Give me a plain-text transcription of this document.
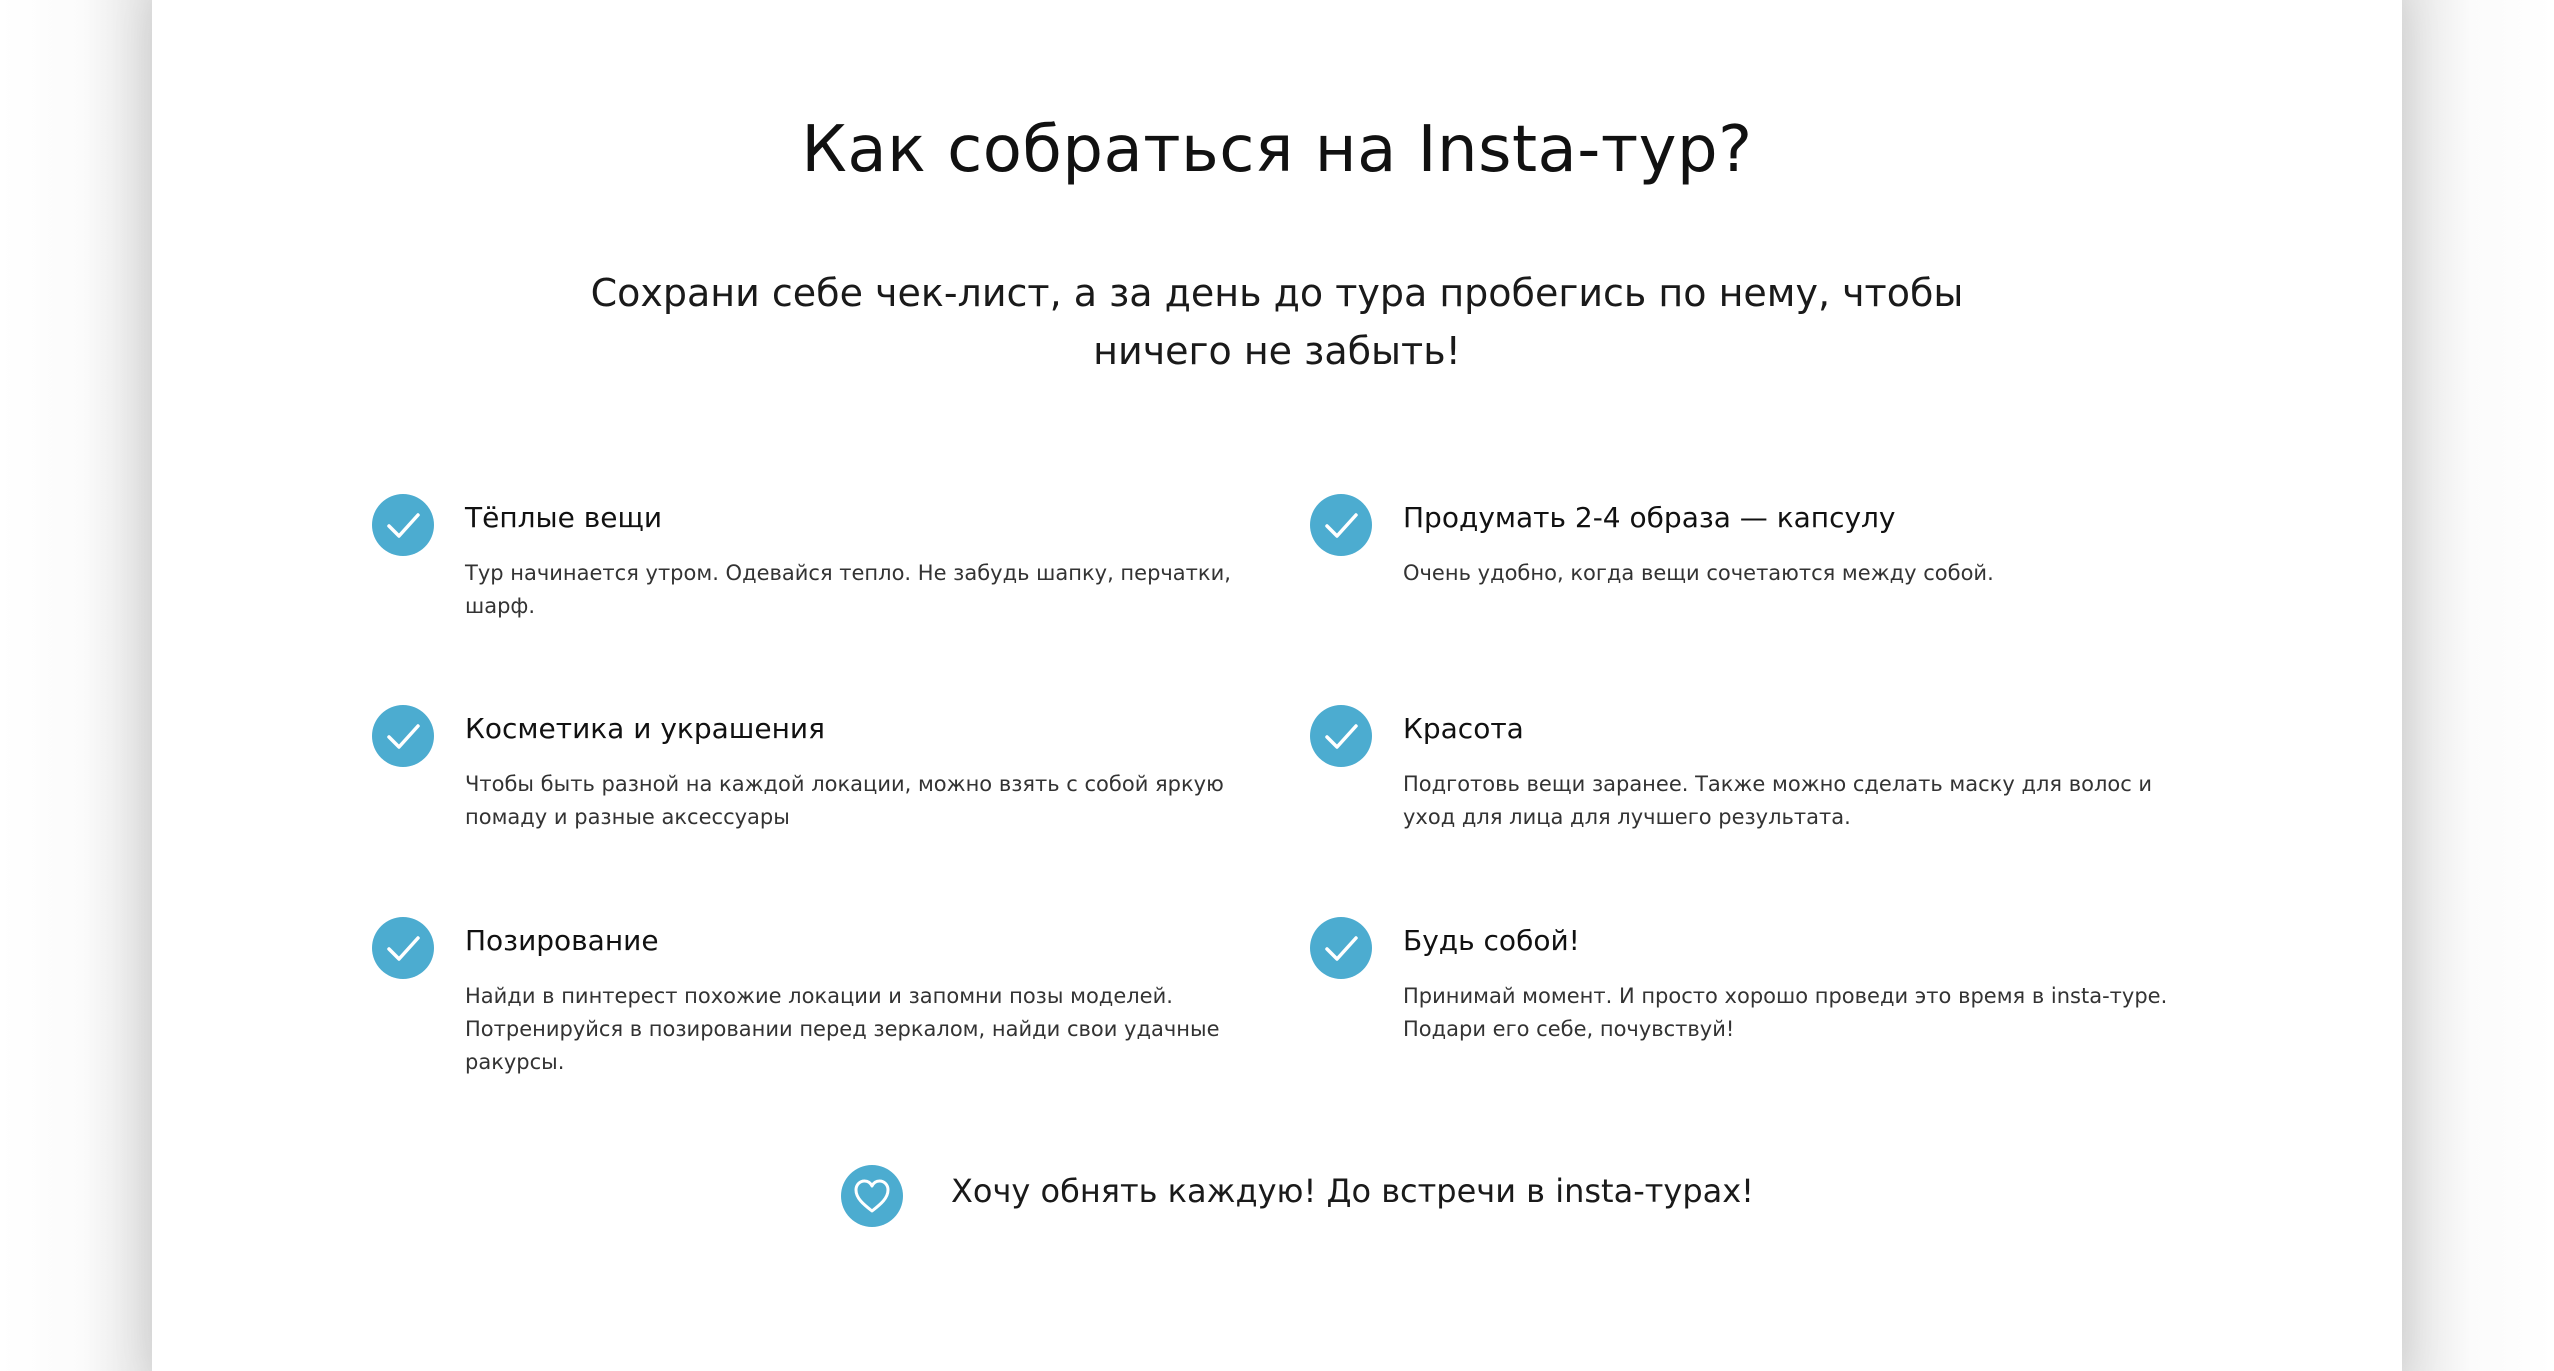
Как собраться на Insta-тур?

Сохрани себе чек-лист, а за день до тура пробегись по нему, чтобы ничего не забыть!

Тёплые вещи
Тур начинается утром. Одевайся тепло. Не забудь шапку, перчатки, шарф.
Косметика и украшения
Чтобы быть разной на каждой локации, можно взять с собой яркую помаду и разные аксессуары
Позирование
Найди в пинтерест похожие локации и запомни позы моделей. Потренируйся в позировании перед зеркалом, найди свои удачные ракурсы.
Продумать 2-4 образа — капсулу
Очень удобно, когда вещи сочетаются между собой.
Красота
Подготовь вещи заранее. Также можно сделать маску для волос и уход для лица для лучшего результата.
Будь собой!
Принимай момент. И просто хорошо проведи это время в insta-туре. Подари его себе, почувствуй!
Хочу обнять каждую! До встречи в insta-турах!
